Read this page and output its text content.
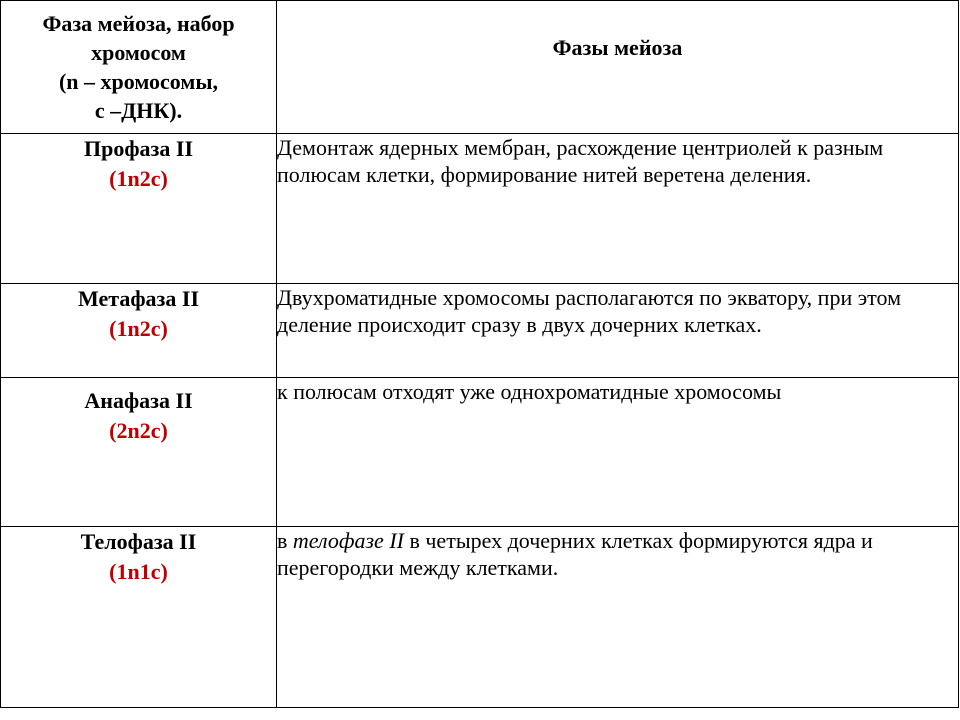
Фаза мейоза, набор
хромосом
(n – хромосомы,
с –ДНК).	Фазы мейоза

Профаза II
(1n2c)	Демонтаж ядерных мембран, расхождение центриолей к разным полюсам клетки, формирование нитей веретена деления.

Метафаза II
(1n2c)	Двухроматидные хромосомы располагаются по экватору, при этом деление происходит сразу в двух дочерних клетках.

Анафаза II
(2n2c)	к полюсам отходят уже однохроматидные хромосомы

Телофаза II
(1n1c)	в телофазе II в четырех дочерних клетках формируются ядра и перегородки между клетками.
